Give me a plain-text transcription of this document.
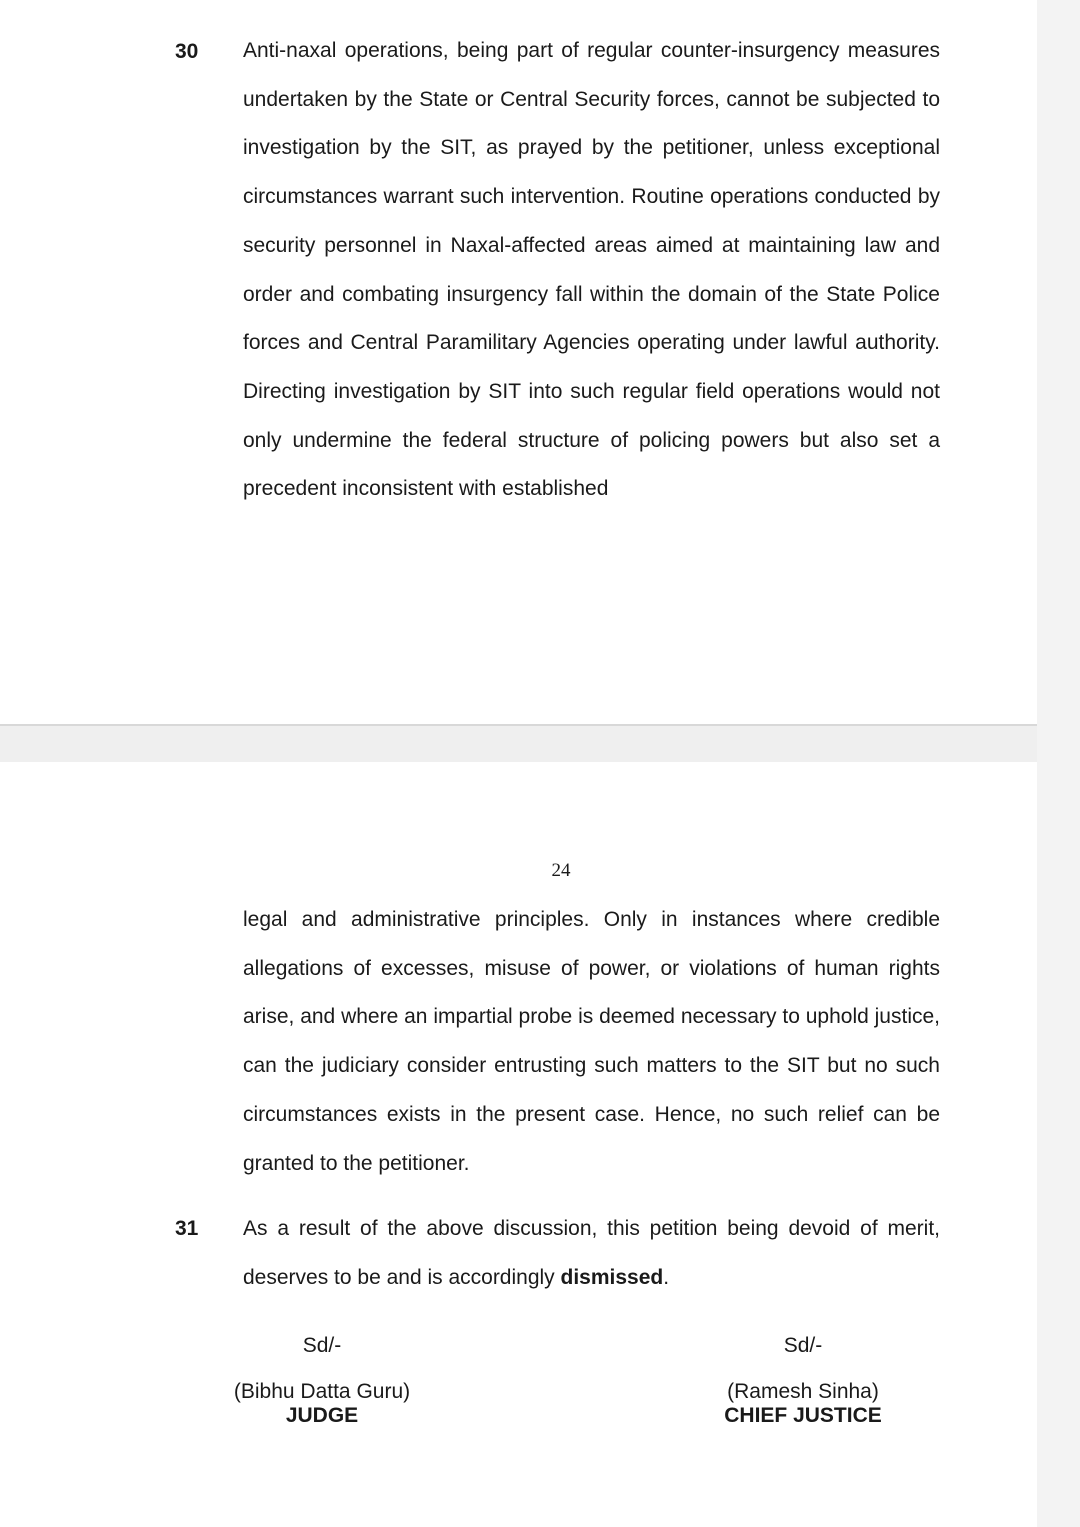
30 Anti-naxal operations, being part of regular counter-insurgency measures undertaken by the State or Central Security forces, cannot be subjected to investigation by the SIT, as prayed by the petitioner, unless exceptional circumstances warrant such intervention. Routine operations conducted by security personnel in Naxal-affected areas aimed at maintaining law and order and combating insurgency fall within the domain of the State Police forces and Central Paramilitary Agencies operating under lawful authority. Directing investigation by SIT into such regular field operations would not only undermine the federal structure of policing powers but also set a precedent inconsistent with established

24

legal and administrative principles. Only in instances where credible allegations of excesses, misuse of power, or violations of human rights arise, and where an impartial probe is deemed necessary to uphold justice, can the judiciary consider entrusting such matters to the SIT but no such circumstances exists in the present case. Hence, no such relief can be granted to the petitioner.

31 As a result of the above discussion, this petition being devoid of merit, deserves to be and is accordingly dismissed.

Sd/-
(Bibhu Datta Guru)
JUDGE
Sd/-
(Ramesh Sinha)
CHIEF JUSTICE
